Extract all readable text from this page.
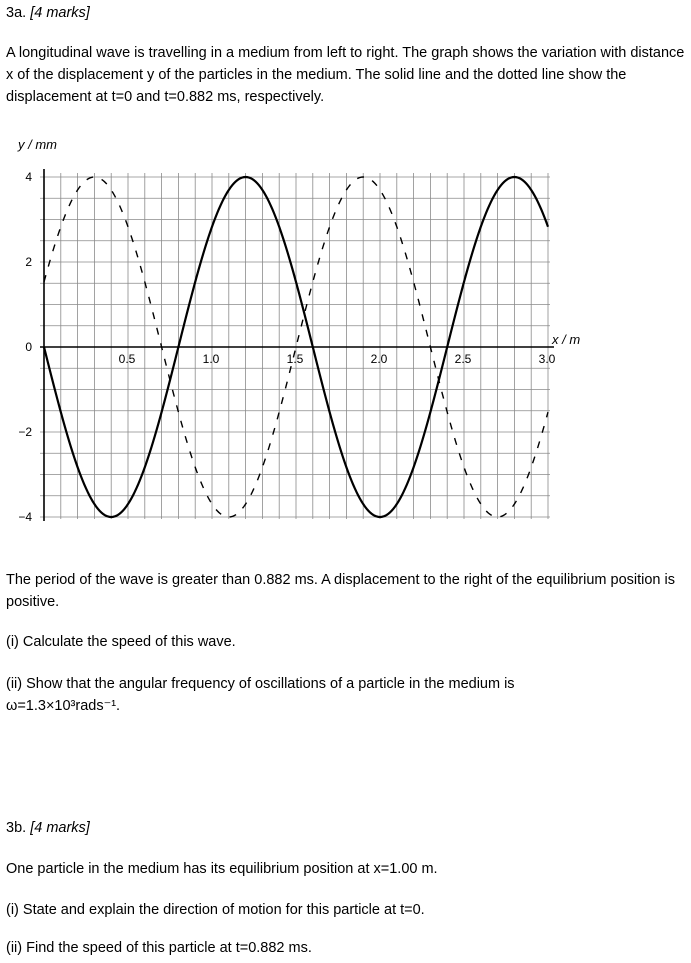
3a. [4 marks]
A longitudinal wave is travelling in a medium from left to right. The graph shows the variation with distance x of the displacement y of the particles in the medium. The solid line and the dotted line show the displacement at t=0 and t=0.882 ms, respectively.
0.5	1.0	1.5	2.0	2.5	3.0
4
2
0
−2
−4
y / mm
x / m
The period of the wave is greater than 0.882 ms. A displacement to the right of the equilibrium position is positive.
(i) Calculate the speed of this wave.
(ii) Show that the angular frequency of oscillations of a particle in the medium is
ω=1.3×10³rads⁻¹.
3b. [4 marks]
One particle in the medium has its equilibrium position at x=1.00 m.
(i) State and explain the direction of motion for this particle at t=0.
(ii) Find the speed of this particle at t=0.882 ms.
